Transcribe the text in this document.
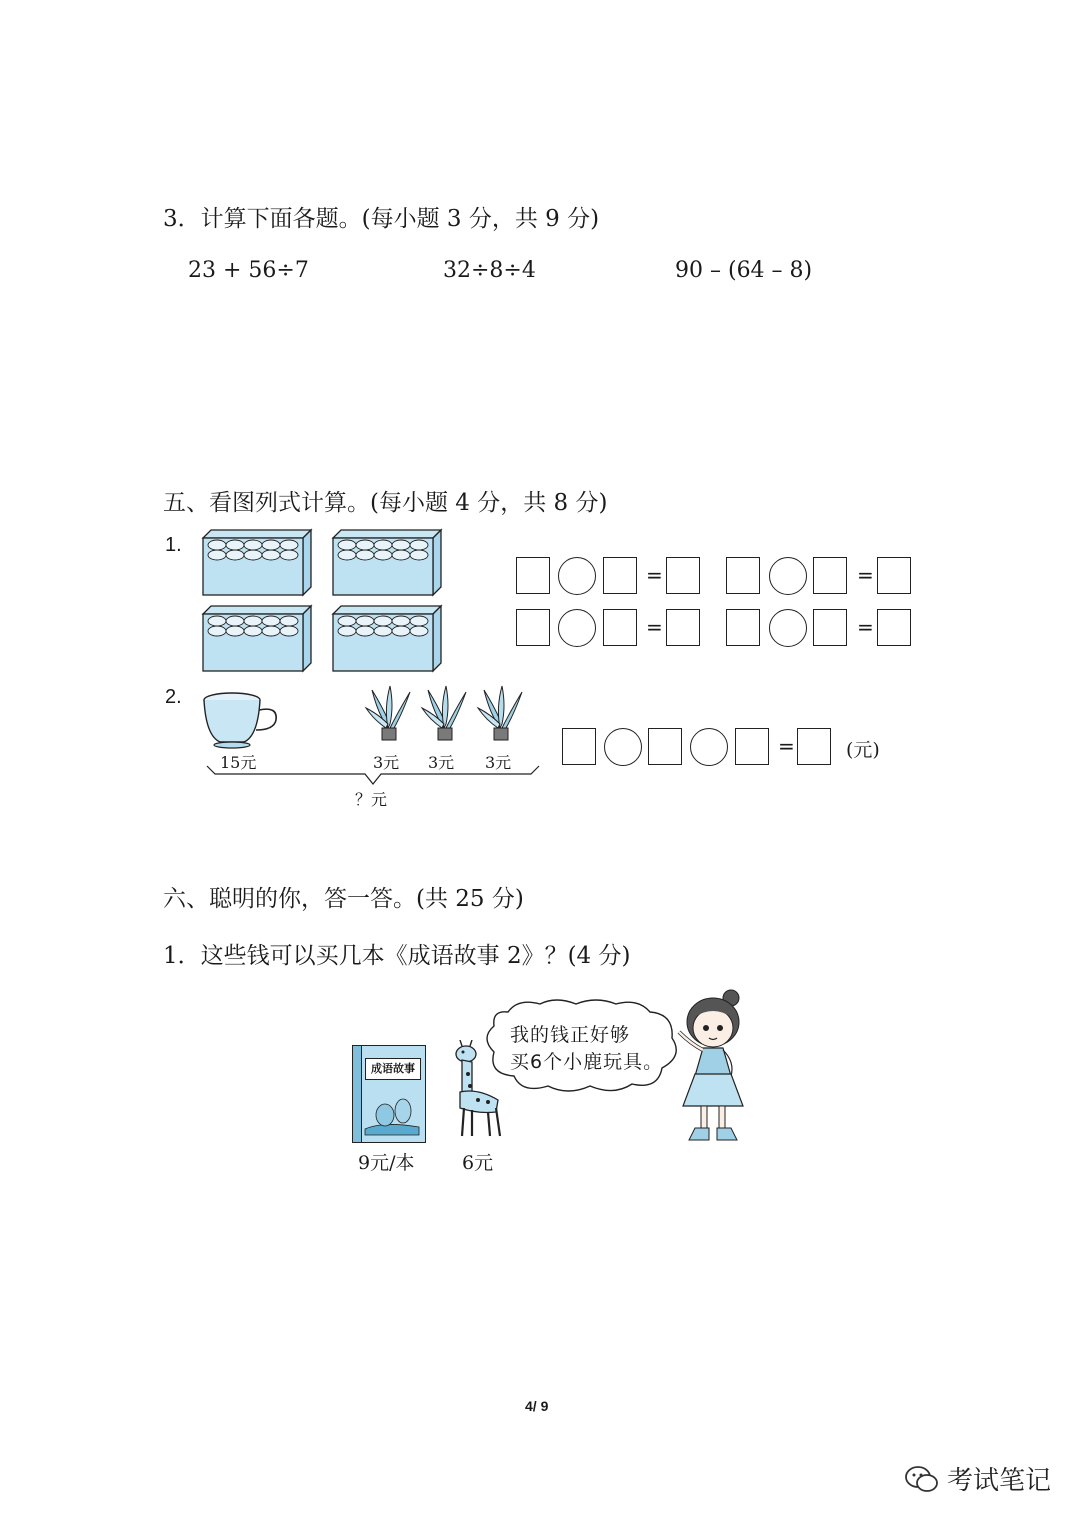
3．计算下面各题。(每小题 3 分，共 9 分)
23 + 56÷7	32÷8÷4	90 – (64 – 8)
五、看图列式计算。(每小题 4 分，共 8 分)
1.
=	=
=	=
2.
15元	3元 3元 3元
？元
=	(元)
六、聪明的你，答一答。(共 25 分)
1．这些钱可以买几本《成语故事 2》？(4 分)
成语故事
9元/本	6元
我的钱正好够
买6个小鹿玩具。
4/ 9
考试笔记
